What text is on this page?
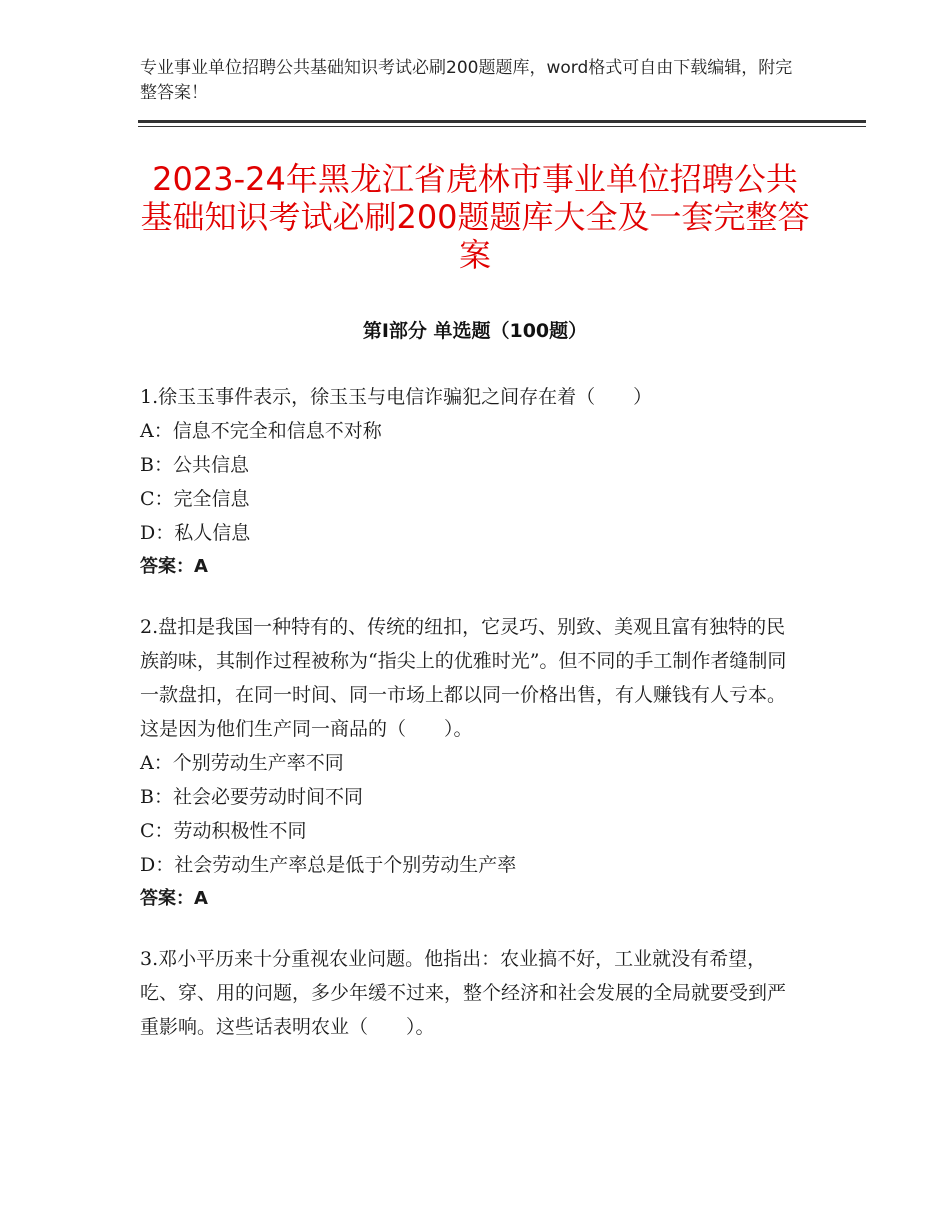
专业事业单位招聘公共基础知识考试必刷200题题库，word格式可自由下载编辑，附完整答案！
2023-24年黑龙江省虎林市事业单位招聘公共基础知识考试必刷200题题库大全及一套完整答案
第Ⅰ部分 单选题（100题）

1.徐玉玉事件表示，徐玉玉与电信诈骗犯之间存在着（　　）

A：信息不完全和信息不对称

B：公共信息

C：完全信息

D：私人信息

答案：A

2.盘扣是我国一种特有的、传统的纽扣，它灵巧、别致、美观且富有独特的民族韵味，其制作过程被称为“指尖上的优雅时光”。但不同的手工制作者缝制同一款盘扣，在同一时间、同一市场上都以同一价格出售，有人赚钱有人亏本。这是因为他们生产同一商品的（　　）。

A：个别劳动生产率不同

B：社会必要劳动时间不同

C：劳动积极性不同

D：社会劳动生产率总是低于个别劳动生产率

答案：A

3.邓小平历来十分重视农业问题。他指出：农业搞不好，工业就没有希望，吃、穿、用的问题，多少年缓不过来，整个经济和社会发展的全局就要受到严重影响。这些话表明农业（　　）。
